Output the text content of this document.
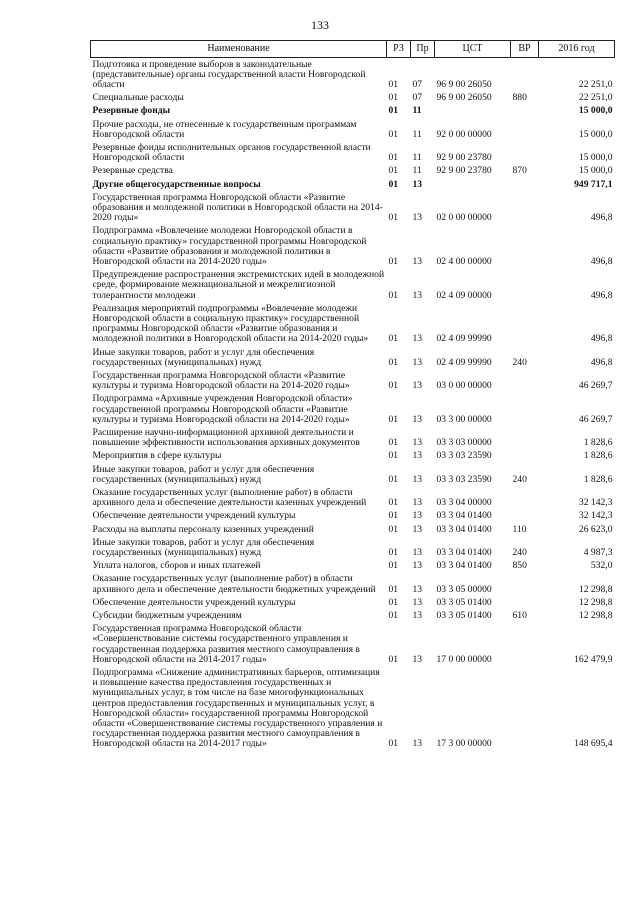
133
Наименование	РЗ	Пр	ЦСТ	ВР	2016 год
Подготовка и проведение выборов в законодательные (представительные) органы государственной власти Новгородской области	01	07	96 9 00 26050		22 251,0
Специальные расходы	01	07	96 9 00 26050	880	22 251,0
Резервные фонды	01	11			15 000,0
Прочие расходы, не отнесенные к государственным программам Новгородской области	01	11	92 0 00 00000		15 000,0
Резервные фонды исполнительных органов государственной власти Новгородской области	01	11	92 9 00 23780		15 000,0
Резервные средства	01	11	92 9 00 23780	870	15 000,0
Другие общегосударственные вопросы	01	13			949 717,1
Государственная программа Новгородской области «Развитие образования и молодежной политики в Новгородской области на 2014-2020 годы»	01	13	02 0 00 00000		496,8
Подпрограмма «Вовлечение молодежи Новгородской области в социальную практику» государственной программы Новгородской области «Развитие образования и молодежной политики в Новгородской области на 2014-2020 годы»	01	13	02 4 00 00000		496,8
Предупреждение распространения экстремистских идей в молодежной среде, формирование межнациональной и межрелигиозной толерантности молодежи	01	13	02 4 09 00000		496,8
Реализация мероприятий подпрограммы «Вовлечение молодежи Новгородской области в социальную практику» государственной программы Новгородской области «Развитие образования и молодежной политики в Новгородской области на 2014-2020 годы»	01	13	02 4 09 99990		496,8
Иные закупки товаров, работ и услуг для обеспечения государственных (муниципальных) нужд	01	13	02 4 09 99990	240	496,8
Государственная программа Новгородской области «Развитие культуры и туризма Новгородской области на 2014-2020 годы»	01	13	03 0 00 00000		46 269,7
Подпрограмма «Архивные учреждения Новгородской области» государственной программы Новгородской области «Развитие культуры и туризма Новгородской области на 2014-2020 годы»	01	13	03 3 00 00000		46 269,7
Расширение научно-информационной архивной деятельности и повышение эффективности использования архивных документов	01	13	03 3 03 00000		1 828,6
Мероприятия в сфере культуры	01	13	03 3 03 23590		1 828,6
Иные закупки товаров, работ и услуг для обеспечения государственных (муниципальных) нужд	01	13	03 3 03 23590	240	1 828,6
Оказание государственных услуг (выполнение работ) в области архивного дела и обеспечение деятельности казенных учреждений	01	13	03 3 04 00000		32 142,3
Обеспечение деятельности учреждений культуры	01	13	03 3 04 01400		32 142,3
Расходы на выплаты персоналу казенных учреждений	01	13	03 3 04 01400	110	26 623,0
Иные закупки товаров, работ и услуг для обеспечения государственных (муниципальных) нужд	01	13	03 3 04 01400	240	4 987,3
Уплата налогов, сборов и иных платежей	01	13	03 3 04 01400	850	532,0
Оказание государственных услуг (выполнение работ) в области архивного дела и обеспечение деятельности бюджетных учреждений	01	13	03 3 05 00000		12 298,8
Обеспечение деятельности учреждений культуры	01	13	03 3 05 01400		12 298,8
Субсидии бюджетным учреждениям	01	13	03 3 05 01400	610	12 298,8
Государственная программа Новгородской области «Совершенствование системы государственного управления и государственная поддержка развития местного самоуправления в Новгородской области на 2014-2017 годы»	01	13	17 0 00 00000		162 479,9
Подпрограмма «Снижение административных барьеров, оптимизация и повышение качества предоставления государственных и муниципальных услуг, в том числе на базе многофункциональных центров предоставления государственных и муниципальных услуг, в Новгородской области» государственной программы Новгородской области «Совершенствование системы государственного управления и государственная поддержка развития местного самоуправления в Новгородской области на 2014-2017 годы»	01	13	17 3 00 00000		148 695,4
